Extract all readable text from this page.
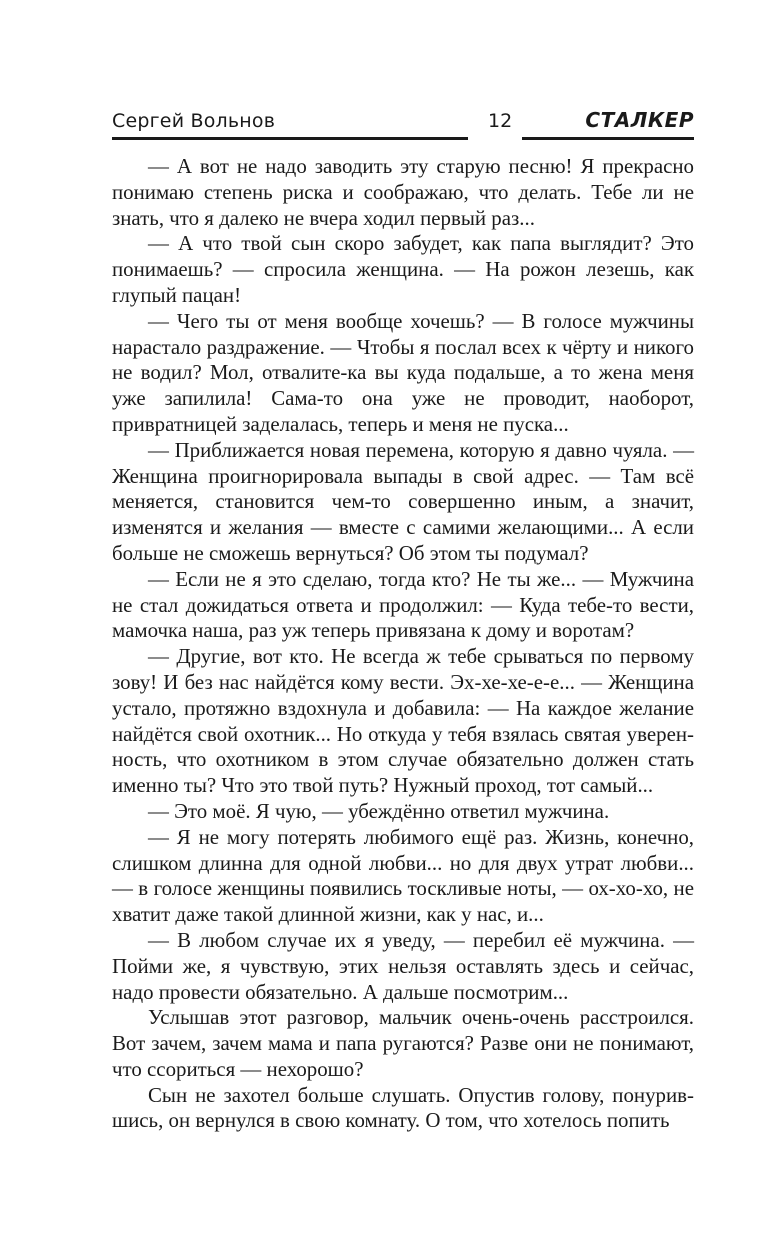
Сергей Вольнов	12	СТАЛКЕР

— А вот не надо заводить эту старую песню! Я прекрасно понимаю степень риска и соображаю, что делать. Тебе ли не знать, что я далеко не вчера ходил первый раз...

— А что твой сын скоро забудет, как папа выглядит? Это понимаешь? — спросила женщина. — На рожон лезешь, как глупый пацан!

— Чего ты от меня вообще хочешь? — В голосе мужчины нарастало раздражение. — Чтобы я послал всех к чёрту и никого не водил? Мол, отвалите-ка вы куда подальше, а то жена меня уже запилила! Сама-то она уже не проводит, наоборот, привратницей заделалась, теперь и меня не пуска...

— Приближается новая перемена, которую я давно чуяла. — Женщина проигнорировала выпады в свой адрес. — Там всё меняется, становится чем-то совершенно иным, а значит, изменятся и желания — вместе с самими желающими... А если больше не сможешь вернуться? Об этом ты подумал?

— Если не я это сделаю, тогда кто? Не ты же... — Мужчина не стал дожидаться ответа и продолжил: — Куда тебе-то вести, мамочка наша, раз уж теперь привязана к дому и воротам?

— Другие, вот кто. Не всегда ж тебе срываться по первому зову! И без нас найдётся кому вести. Эх-хе-хе-е-е... — Женщина устало, протяжно вздохнула и добавила: — На каждое желание найдётся свой охотник... Но откуда у тебя взялась святая уверенность, что охотником в этом случае обязательно должен стать именно ты? Что это твой путь? Нужный проход, тот самый...

— Это моё. Я чую, — убеждённо ответил мужчина.

— Я не могу потерять любимого ещё раз. Жизнь, конечно, слишком длинна для одной любви... но для двух утрат любви... — в голосе женщины появились тоскливые ноты, — ох-хо-хо, не хватит даже такой длинной жизни, как у нас, и...

— В любом случае их я уведу, — перебил её мужчина. — Пойми же, я чувствую, этих нельзя оставлять здесь и сейчас, надо провести обязательно. А дальше посмотрим...

Услышав этот разговор, мальчик очень-очень расстроился. Вот зачем, зачем мама и папа ругаются? Разве они не понимают, что ссориться — нехорошо?

Сын не захотел больше слушать. Опустив голову, понурившись, он вернулся в свою комнату. О том, что хотелось попить
